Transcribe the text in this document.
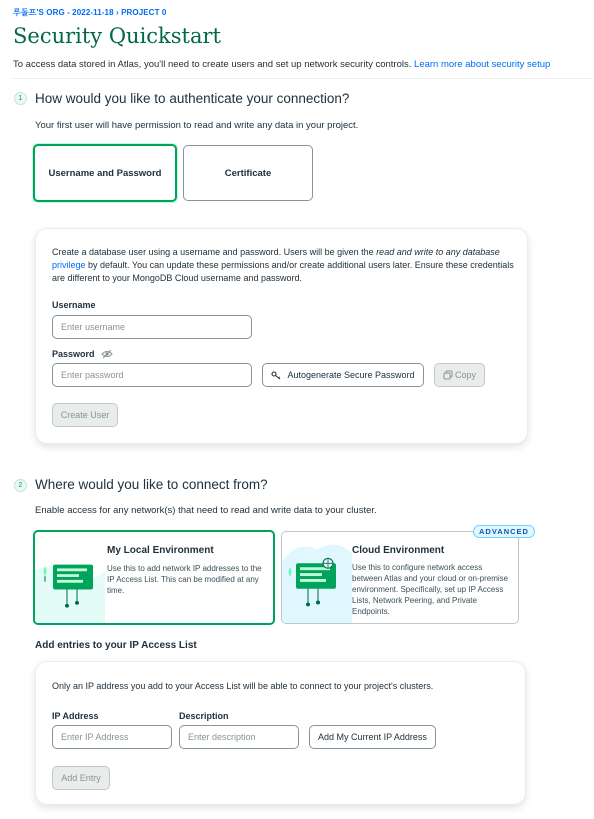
루돌프'S ORG - 2022-11-18 › PROJECT 0
Security Quickstart
To access data stored in Atlas, you'll need to create users and set up network security controls. Learn more about security setup
1 How would you like to authenticate your connection?
Your first user will have permission to read and write any data in your project.
Username and Password	Certificate
Create a database user using a username and password. Users will be given the read and write to any database privilege by default. You can update these permissions and/or create additional users later. Ensure these credentials are different to your MongoDB Cloud username and password.
Username
Enter username
Password
Enter password	Autogenerate Secure Password	Copy
Create User
2 Where would you like to connect from?
Enable access for any network(s) that need to read and write data to your cluster.
My Local Environment
Use this to add network IP addresses to the IP Access List. This can be modified at any time.
Cloud Environment
Use this to configure network access between Atlas and your cloud or on-premise environment. Specifically, set up IP Access Lists, Network Peering, and Private Endpoints.
ADVANCED
Add entries to your IP Access List
Only an IP address you add to your Access List will be able to connect to your project's clusters.
IP Address
Enter IP Address
Description
Enter description	Add My Current IP Address
Add Entry
